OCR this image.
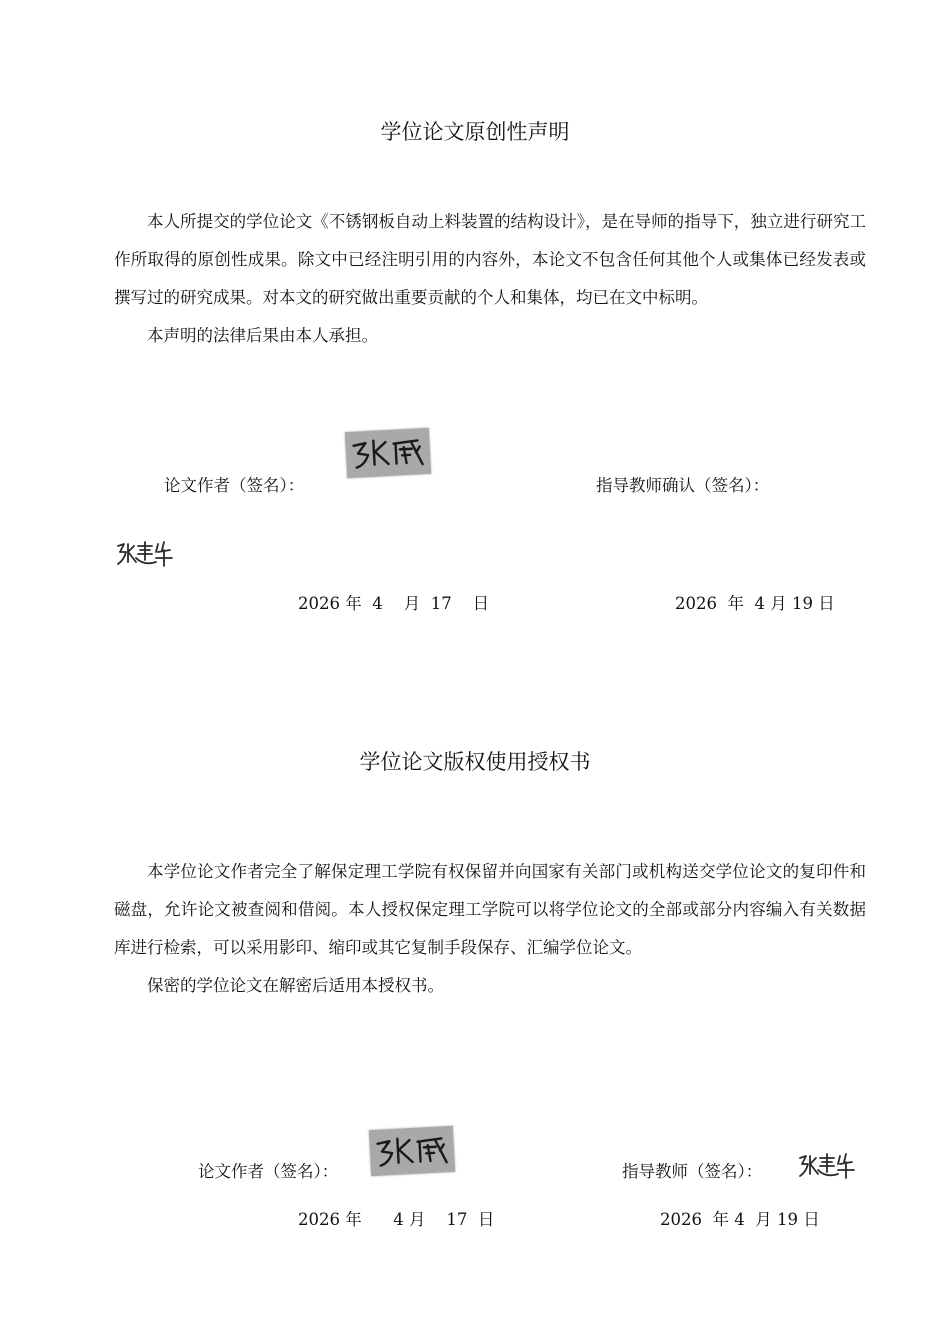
学位论文原创性声明

本人所提交的学位论文《不锈钢板自动上料装置的结构设计》，是在导师的指导下，独立进行研究工作所取得的原创性成果。除文中已经注明引用的内容外，本论文不包含任何其他个人或集体已经发表或撰写过的研究成果。对本文的研究做出重要贡献的个人和集体，均已在文中标明。

本声明的法律后果由本人承担。

论文作者（签名）：	指导教师确认（签名）：
2026 年  4    月  17    日	2026  年  4 月 19 日
学位论文版权使用授权书

本学位论文作者完全了解保定理工学院有权保留并向国家有关部门或机构送交学位论文的复印件和磁盘，允许论文被查阅和借阅。本人授权保定理工学院可以将学位论文的全部或部分内容编入有关数据库进行检索，可以采用影印、缩印或其它复制手段保存、汇编学位论文。

保密的学位论文在解密后适用本授权书。

论文作者（签名）：	指导教师（签名）：
2026 年      4 月    17  日	2026  年 4  月 19 日
